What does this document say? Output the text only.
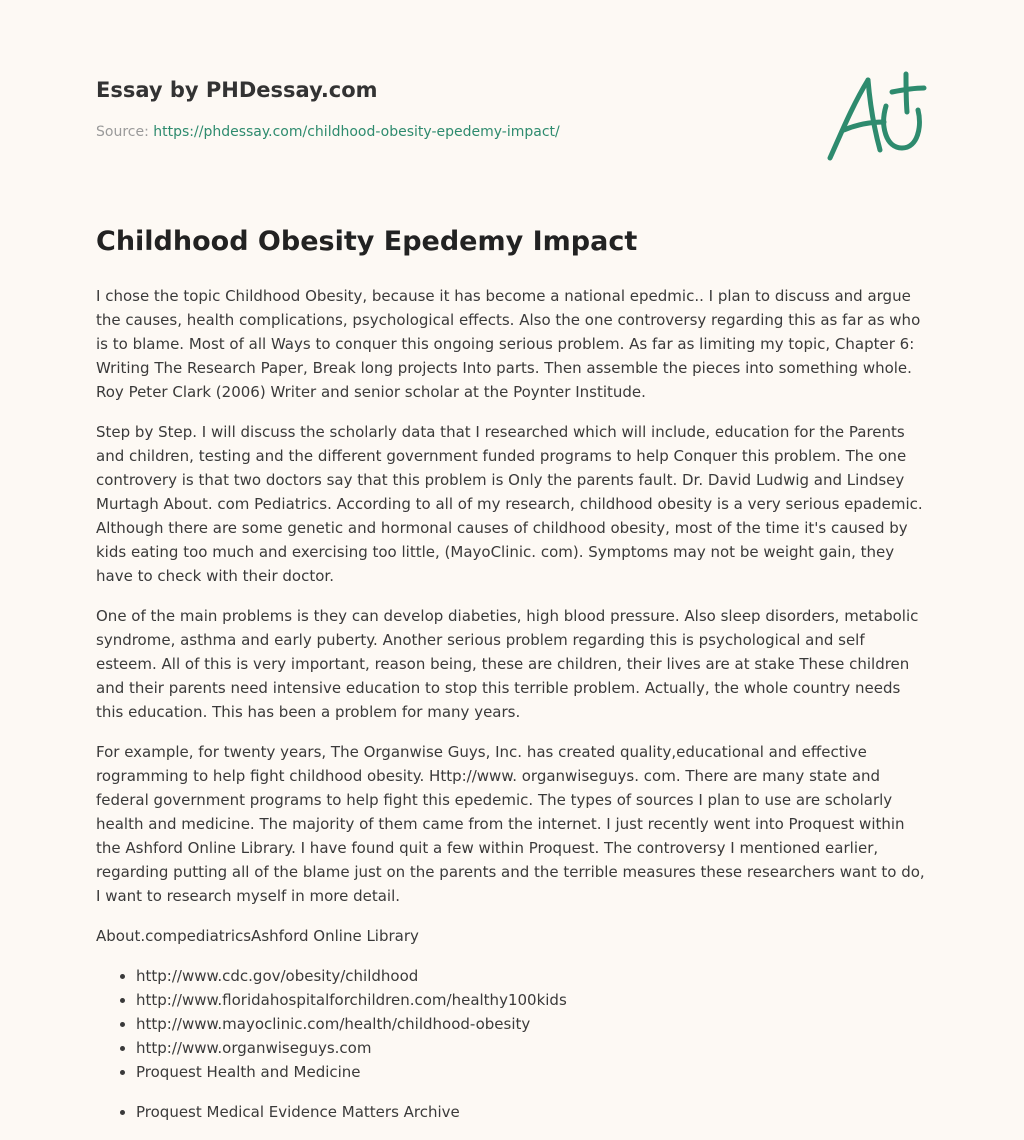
Essay by PHDessay.com
Source: https://phdessay.com/childhood-obesity-epedemy-impact/
Childhood Obesity Epedemy Impact

I chose the topic Childhood Obesity, because it has become a national epedmic.. I plan to discuss and argue the causes, health complications, psychological effects. Also the one controversy regarding this as far as who is to blame. Most of all Ways to conquer this ongoing serious problem. As far as limiting my topic, Chapter 6: Writing The Research Paper, Break long projects Into parts. Then assemble the pieces into something whole. Roy Peter Clark (2006) Writer and senior scholar at the Poynter Institude.

Step by Step. I will discuss the scholarly data that I researched which will include, education for the Parents and children, testing and the different government funded programs to help Conquer this problem. The one controvery is that two doctors say that this problem is Only the parents fault. Dr. David Ludwig and Lindsey Murtagh About. com Pediatrics. According to all of my research, childhood obesity is a very serious epademic. Although there are some genetic and hormonal causes of childhood obesity, most of the time it's caused by kids eating too much and exercising too little, (MayoClinic. com). Symptoms may not be weight gain, they have to check with their doctor.

One of the main problems is they can develop diabeties, high blood pressure. Also sleep disorders, metabolic syndrome, asthma and early puberty. Another serious problem regarding this is psychological and self esteem. All of this is very important, reason being, these are children, their lives are at stake These children and their parents need intensive education to stop this terrible problem. Actually, the whole country needs this education. This has been a problem for many years.

For example, for twenty years, The Organwise Guys, Inc. has created quality,educational and effective rogramming to help fight childhood obesity. Http://www. organwiseguys. com. There are many state and federal government programs to help fight this epedemic. The types of sources I plan to use are scholarly health and medicine. The majority of them came from the internet. I just recently went into Proquest within the Ashford Online Library. I have found quit a few within Proquest. The controversy I mentioned earlier, regarding putting all of the blame just on the parents and the terrible measures these researchers want to do, I want to research myself in more detail.

About.compediatricsAshford Online Library

• http://www.cdc.gov/obesity/childhood
• http://www.floridahospitalforchildren.com/healthy100kids
• http://www.mayoclinic.com/health/childhood-obesity
• http://www.organwiseguys.com
• Proquest Health and Medicine
• Proquest Medical Evidence Matters Archive
